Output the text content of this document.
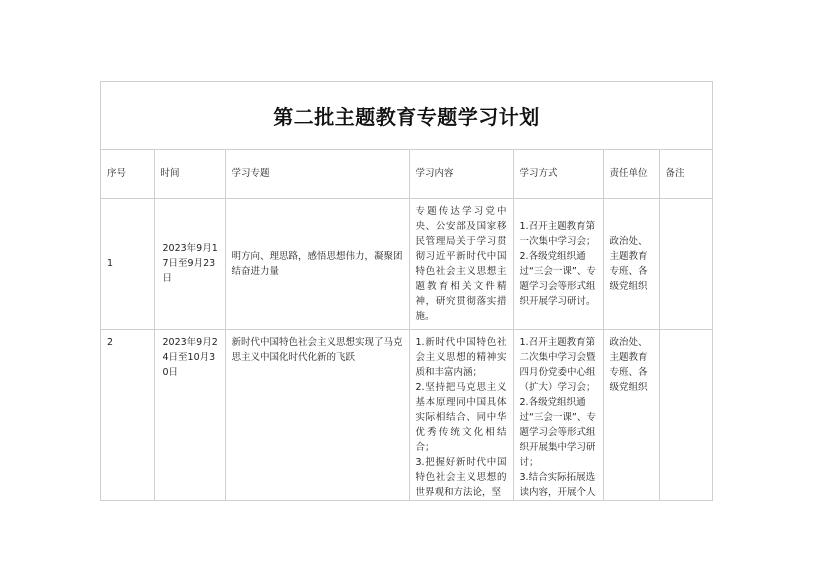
第二批主题教育专题学习计划
序号	时间	学习专题	学习内容	学习方式	责任单位	备注
1	2023年9月17日至9月23日	明方向、理思路，感悟思想伟力，凝聚团结奋进力量	专题传达学习党中央、公安部及国家移民管理局关于学习贯彻习近平新时代中国特色社会主义思想主题教育相关文件精神，研究贯彻落实措施。	1.召开主题教育第一次集中学习会；
2.各级党组织通过“三会一课”、专题学习会等形式组织开展学习研讨。	政治处、主题教育专班、各级党组织	
2	2023年9月24日至10月30日	新时代中国特色社会主义思想实现了马克思主义中国化时代化新的飞跃	1.新时代中国特色社会主义思想的精神实质和丰富内涵；
2.坚持把马克思主义基本原理同中国具体实际相结合、同中华优秀传统文化相结合；
3.把握好新时代中国特色社会主义思想的世界观和方法论，坚	1.召开主题教育第二次集中学习会暨四月份党委中心组（扩大）学习会；
2.各级党组织通过“三会一课”、专题学习会等形式组织开展集中学习研讨；
3.结合实际拓展选读内容，开展个人	政治处、主题教育专班、各级党组织	
